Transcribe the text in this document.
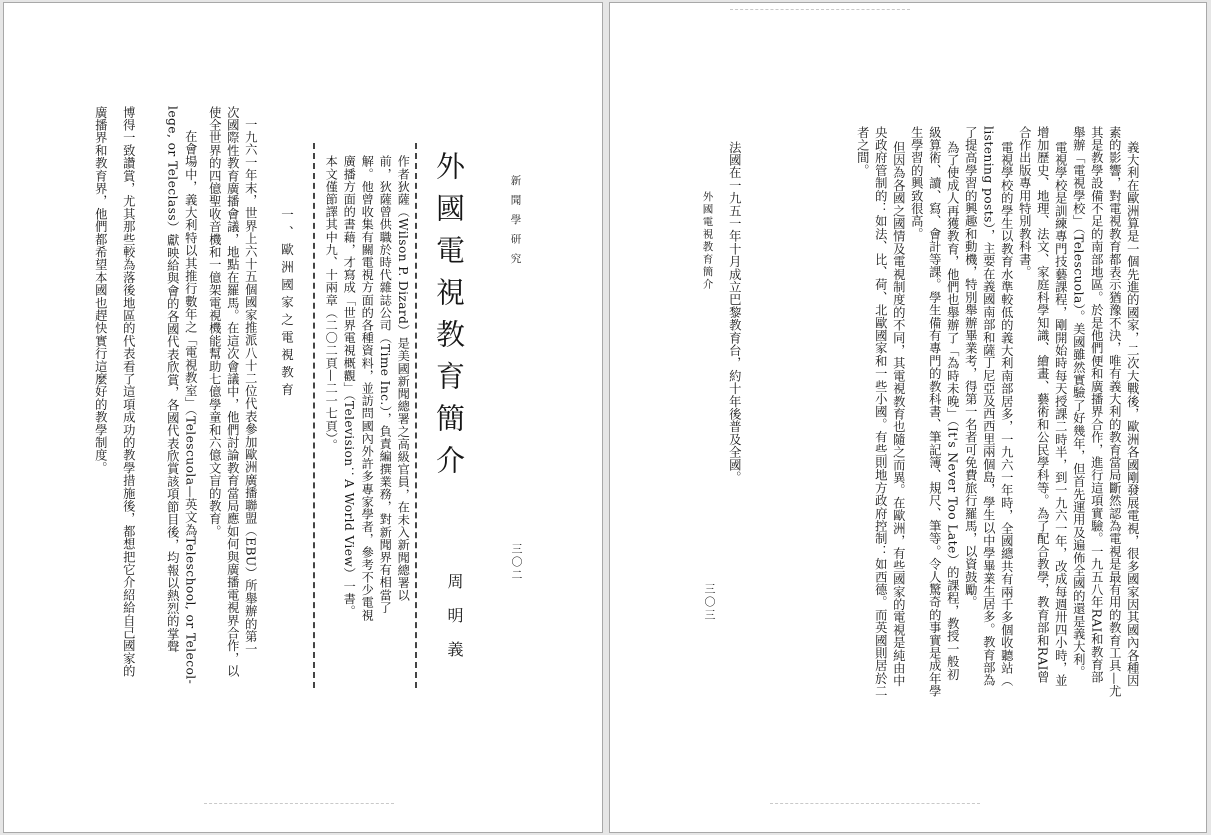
新聞學研究
三〇二
外國電視教育簡介
周明義
作者狄薩（Wilson P. Dizard）是美國新聞總署之高級官員，在未入新聞總署以
前，狄薩曾供職於時代雜誌公司（Time Inc.），負責編撰業務，對新聞界有相當了
解。他曾收集有關電視方面的各種資料，並訪問國內外許多專家學者，參考不少電視
廣播方面的書藉，才寫成「世界電視概觀」（Television：A World View）一書。
本文僅節譯其中九、十兩章（二〇二頁—二一七頁）。
一、歐洲國家之電視教育
一九六一年末，世界上六十五個國家推派八十二位代表參加歐洲廣播聯盟（EBU）所舉辦的第一
次國際性教育廣播會議，地點在羅馬。在這次會議中，他們討論教育當局應如何與廣播電視界合作，以
使全世界的四億聖收音機和一億架電視機能幫助七億學童和六億文盲的教育。
在會場中，義大利特以其推行數年之「電視教室」（Telescuola—英文為Teleschool, or Telecol-
lege, or Teleclass）獻映給與會的各國代表欣賞，各國代表欣賞該項節目後，均報以熱烈的掌聲
博得一致讚賞，尤其那些較為落後地區的代表看了這項成功的教學措施後，都想把它介紹給自己國家的
廣播界和教育界，他們都希望本國也趕快實行這麼好的教學制度。	義大利在歐洲算是一個先進的國家，二次大戰後，歐洲各國剛發展電視，很多國家因其國內各種因
素的影響，對電視教育都表示猶豫不決，唯有義大利的教育當局斷然認為電視是最有用的教育工具—尤
其是教學設備不足的南部地區。於是他們便和廣播界合作，進行這項實驗。一九五八年RAI和教育部
舉辦「電視學校」（Telescuola）。美國雖然實驗了好幾年，但首先運用及遍佈全國的還是義大利。
電視學校是訓練專門技藝課程，剛開始時每天授課二時半，到一九六一年，改成每週卅四小時，並
增加歷史、地理、法文、家庭科學知識、繪畫、藝術和公民學科等。為了配合教學，教育部和RAI曾
合作出版專用特別教科書。
電視學校的學生以教育水準較低的義大利南部居多，一九六一年時，全國總共有兩千多個收聽站（
listening posts），主要在義國南部和薩丁尼亞及西西里兩個島，學生以中學畢業生居多。教育部為
了提高學習的興趣和動機，特別舉辦畢業考，得第一名者可免費旅行羅馬，以資鼓勵。
為了使成人再獲教育，他們也舉辦了「為時未晚」（It's Never Too Late）的課程，教授一般初
級算術、讀、寫、會計等課。學生備有專門的教科書、筆記簿、規尺、筆等。令人驚奇的事實是成年學
生學習的興致很高。
但因為各國之國情及電視制度的不同，其電視教育也隨之而異。在歐洲，有些國家的電視是純由中
央政府管制的：如法、比、荷、北歐國家和一些小國。有些則地方政府控制：如西德。而英國則居於二
者之間。
法國在一九五一年十月成立巴黎教育台，約十年後普及全國。
外國電視教育簡介
三〇三
